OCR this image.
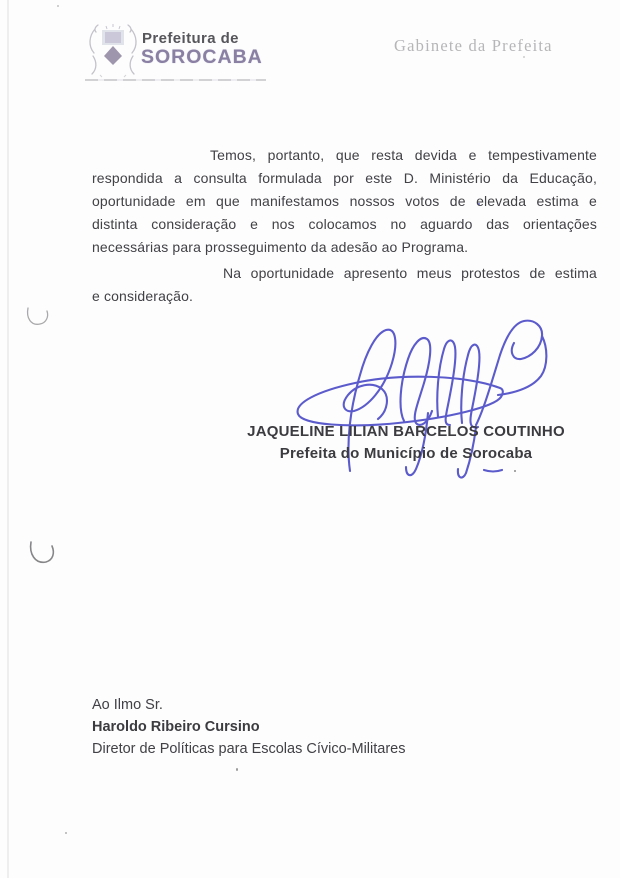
Prefeitura de
SOROCABA
Gabinete da Prefeita
Temos, portanto, que resta devida e tempestivamente
respondida a consulta formulada por este D. Ministério da Educação,
oportunidade em que manifestamos nossos votos de elevada estima e
distinta consideração e nos colocamos no aguardo das orientações
necessárias para prosseguimento da adesão ao Programa.
Na oportunidade apresento meus protestos de estima
e consideração.
JAQUELINE LILIAN BARCELOS COUTINHO
Prefeita do Município de Sorocaba
Ao Ilmo Sr.
Haroldo Ribeiro Cursino
Diretor de Políticas para Escolas Cívico-Militares
